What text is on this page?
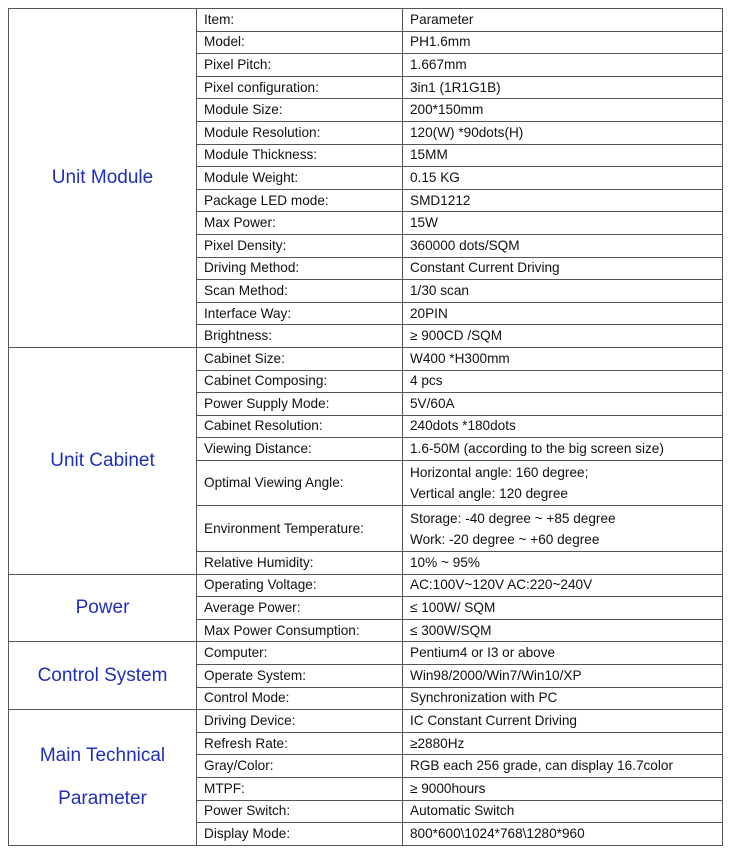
Unit Module	Item:	Parameter
	Model:	PH1.6mm
	Pixel Pitch:	1.667mm
	Pixel configuration:	3in1 (1R1G1B)
	Module Size:	200*150mm
	Module Resolution:	120(W) *90dots(H)
	Module Thickness:	15MM
	Module Weight:	0.15 KG
	Package LED mode:	SMD1212
	Max Power:	15W
	Pixel Density:	360000 dots/SQM
	Driving Method:	Constant Current Driving
	Scan Method:	1/30 scan
	Interface Way:	20PIN
	Brightness:	≥ 900CD /SQM

Unit Cabinet	Cabinet Size:	W400 *H300mm
	Cabinet Composing:	4 pcs
	Power Supply Mode:	5V/60A
	Cabinet Resolution:	240dots *180dots
	Viewing Distance:	1.6-50M (according to the big screen size)
	Optimal Viewing Angle:	Horizontal angle: 160 degree;
Vertical angle: 120 degree

	Environment Temperature:	Storage: -40 degree ~ +85 degree
Work: -20 degree ~ +60 degree

	Relative Humidity:	10% ~ 95%

Power	Operating Voltage:	AC:100V~120V AC:220~240V
	Average Power:	≤ 100W/ SQM
	Max Power Consumption:	≤ 300W/SQM

Control System	Computer:	Pentium4 or I3 or above
	Operate System:	Win98/2000/Win7/Win10/XP
	Control Mode:	Synchronization with PC

Main Technical
Parameter	Driving Device:	IC Constant Current Driving
	Refresh Rate:	≥2880Hz
	Gray/Color:	RGB each 256 grade, can display 16.7color
	MTPF:	≥ 9000hours
	Power Switch:	Automatic Switch
	Display Mode:	800*600\1024*768\1280*960
